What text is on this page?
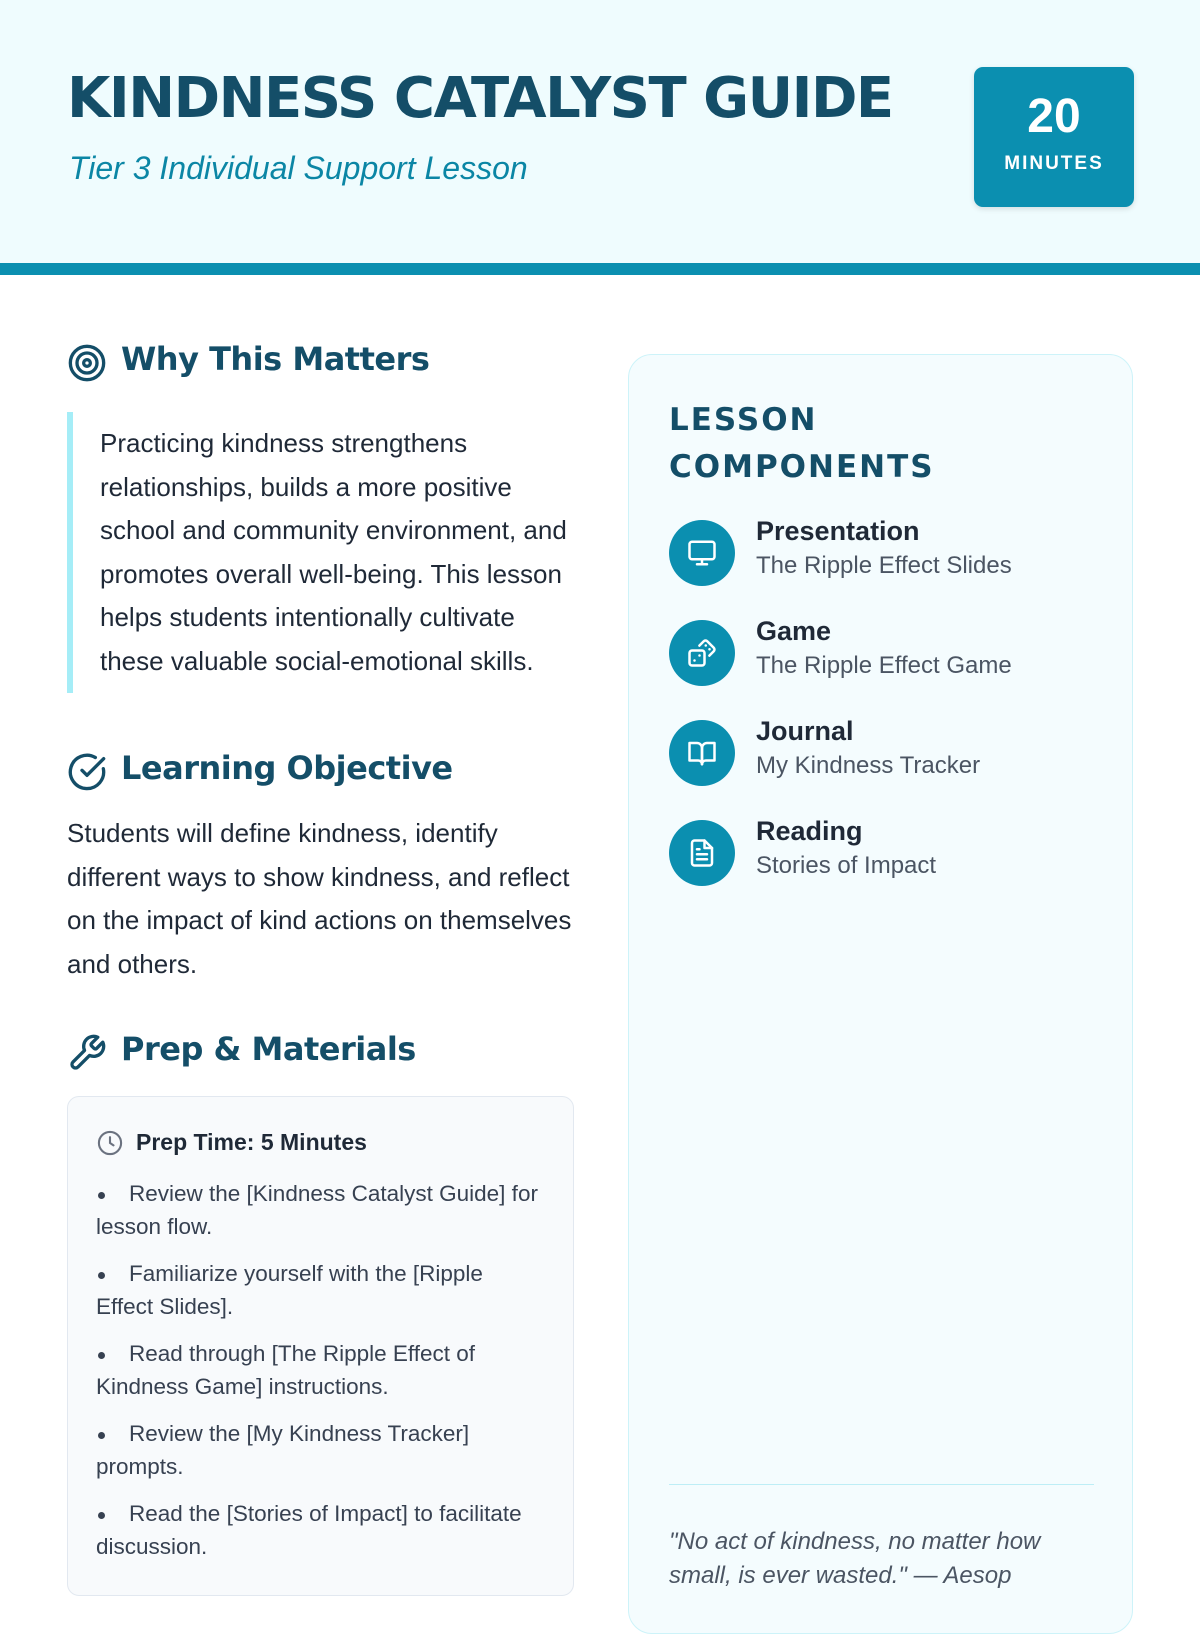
KINDNESS CATALYST GUIDE
Tier 3 Individual Support Lesson
20
MINUTES
Why This Matters
Practicing kindness strengthens relationships, builds a more positive school and community environment, and promotes overall well-being. This lesson helps students intentionally cultivate these valuable social-emotional skills.
Learning Objective
Students will define kindness, identify different ways to show kindness, and reflect on the impact of kind actions on themselves and others.
Prep & Materials
Prep Time: 5 Minutes
Review the [Kindness Catalyst Guide] for lesson flow.
Familiarize yourself with the [Ripple Effect Slides].
Read through [The Ripple Effect of Kindness Game] instructions.
Review the [My Kindness Tracker] prompts.
Read the [Stories of Impact] to facilitate discussion.
LESSON COMPONENTS
Presentation
The Ripple Effect Slides
Game
The Ripple Effect Game
Journal
My Kindness Tracker
Reading
Stories of Impact
"No act of kindness, no matter how small, is ever wasted." — Aesop
